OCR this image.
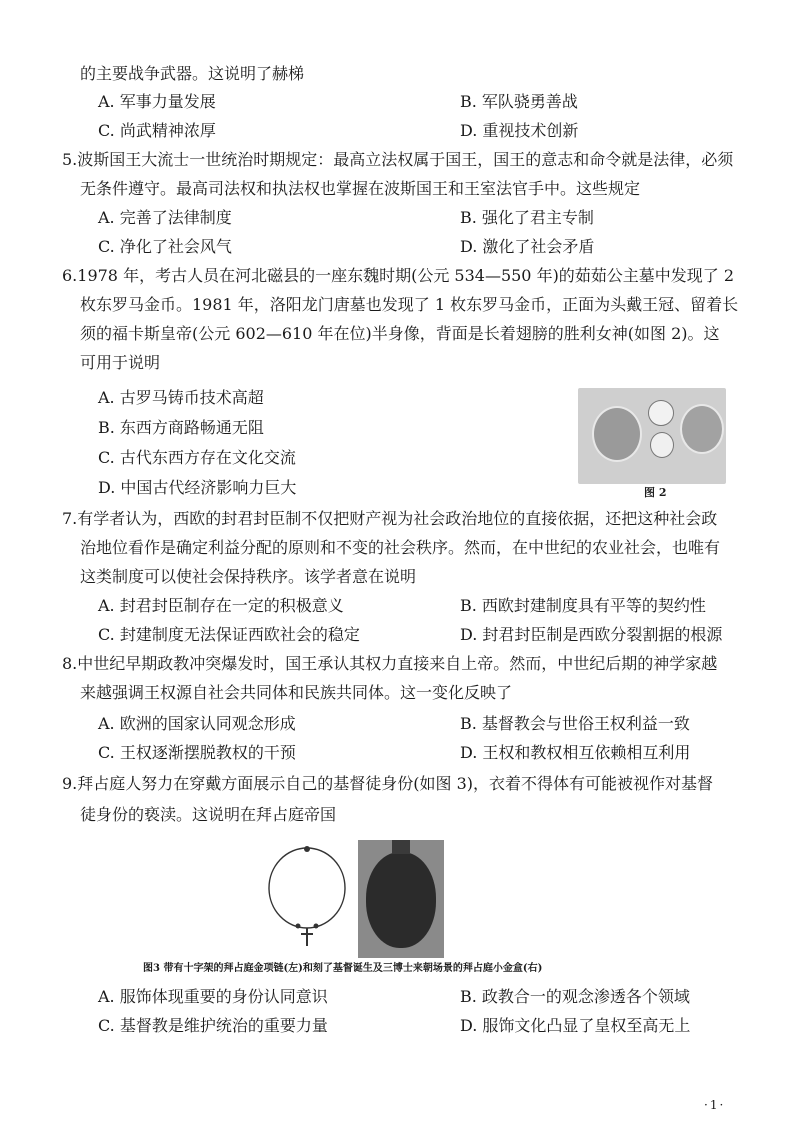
的主要战争武器。这说明了赫梯
A. 军事力量发展	B. 军队骁勇善战
C. 尚武精神浓厚	D. 重视技术创新
5.波斯国王大流士一世统治时期规定：最高立法权属于国王，国王的意志和命令就是法律，必须
无条件遵守。最高司法权和执法权也掌握在波斯国王和王室法官手中。这些规定
A. 完善了法律制度	B. 强化了君主专制
C. 净化了社会风气	D. 激化了社会矛盾
6.1978 年，考古人员在河北磁县的一座东魏时期(公元 534—550 年)的茹茹公主墓中发现了 2
枚东罗马金币。1981 年，洛阳龙门唐墓也发现了 1 枚东罗马金币，正面为头戴王冠、留着长
须的福卡斯皇帝(公元 602—610 年在位)半身像，背面是长着翅膀的胜利女神(如图 2)。这
可用于说明
A. 古罗马铸币技术高超
B. 东西方商路畅通无阻
C. 古代东西方存在文化交流
D. 中国古代经济影响力巨大	图 2
7.有学者认为，西欧的封君封臣制不仅把财产视为社会政治地位的直接依据，还把这种社会政
治地位看作是确定利益分配的原则和不变的社会秩序。然而，在中世纪的农业社会，也唯有
这类制度可以使社会保持秩序。该学者意在说明
A. 封君封臣制存在一定的积极意义	B. 西欧封建制度具有平等的契约性
C. 封建制度无法保证西欧社会的稳定	D. 封君封臣制是西欧分裂割据的根源
8.中世纪早期政教冲突爆发时，国王承认其权力直接来自上帝。然而，中世纪后期的神学家越
来越强调王权源自社会共同体和民族共同体。这一变化反映了
A. 欧洲的国家认同观念形成	B. 基督教会与世俗王权利益一致
C. 王权逐渐摆脱教权的干预	D. 王权和教权相互依赖相互利用
9.拜占庭人努力在穿戴方面展示自己的基督徒身份(如图 3)，衣着不得体有可能被视作对基督
徒身份的亵渎。这说明在拜占庭帝国
图3 带有十字架的拜占庭金项链(左)和刻了基督诞生及三博士来朝场景的拜占庭小金盒(右)
A. 服饰体现重要的身份认同意识	B. 政教合一的观念渗透各个领域
C. 基督教是维护统治的重要力量	D. 服饰文化凸显了皇权至高无上
·1·
